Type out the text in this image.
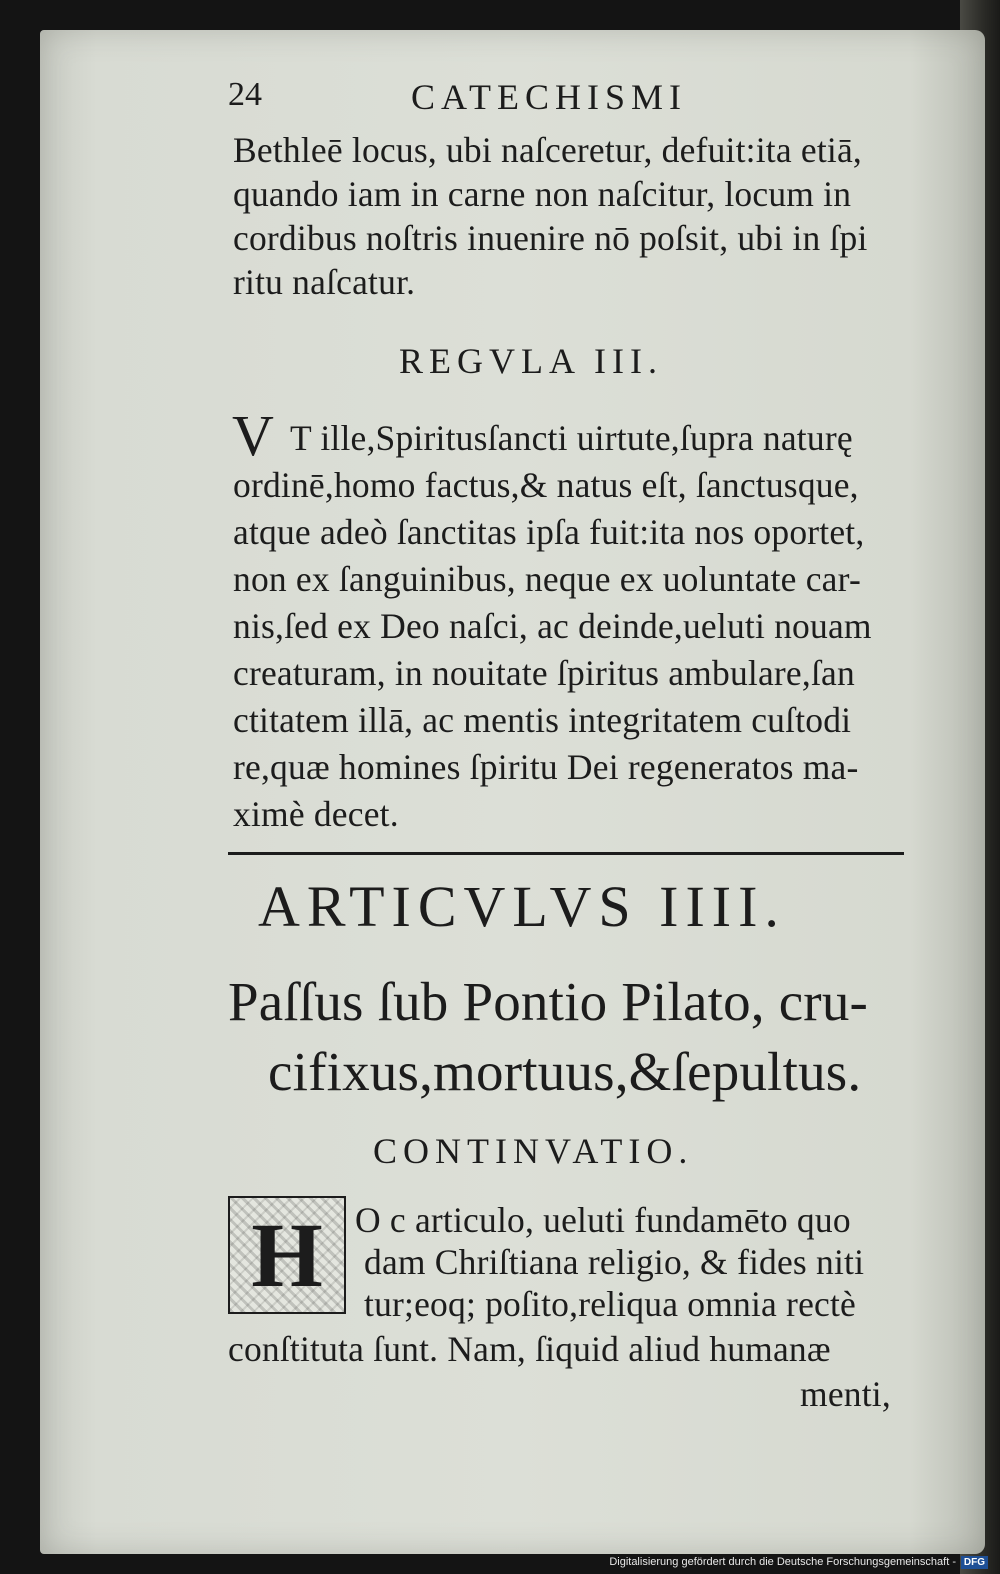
24	CATECHISMI
Bethleē locus, ubi naſceretur, defuit:ita etiā,
quando iam in carne non naſcitur, locum in
cordibus noſtris inuenire nō poſsit, ubi in ſpi
ritu naſcatur.
REGVLA III.
V T ille,Spiritusſancti uirtute,ſupra naturę
ordinē,homo factus,& natus eſt, ſanctusque,
atque adeò ſanctitas ipſa fuit:ita nos oportet,
non ex ſanguinibus, neque ex uoluntate car-
nis,ſed ex Deo naſci, ac deinde,ueluti nouam
creaturam, in nouitate ſpiritus ambulare,ſan
ctitatem illā, ac mentis integritatem cuſtodi
re,quæ homines ſpiritu Dei regeneratos ma-
ximè decet.
ARTICVLVS IIII.
Paſſus ſub Pontio Pilato, cru-
cifixus,mortuus,&ſepultus.
CONTINVATIO.
H O c articulo, ueluti fundamēto quo
dam Chriſtiana religio, & fides niti
tur;eoq; poſito,reliqua omnia rectè
conſtituta ſunt. Nam, ſiquid aliud humanæ
menti,
Digitalisierung gefördert durch die Deutsche Forschungsgemeinschaft - DFG
